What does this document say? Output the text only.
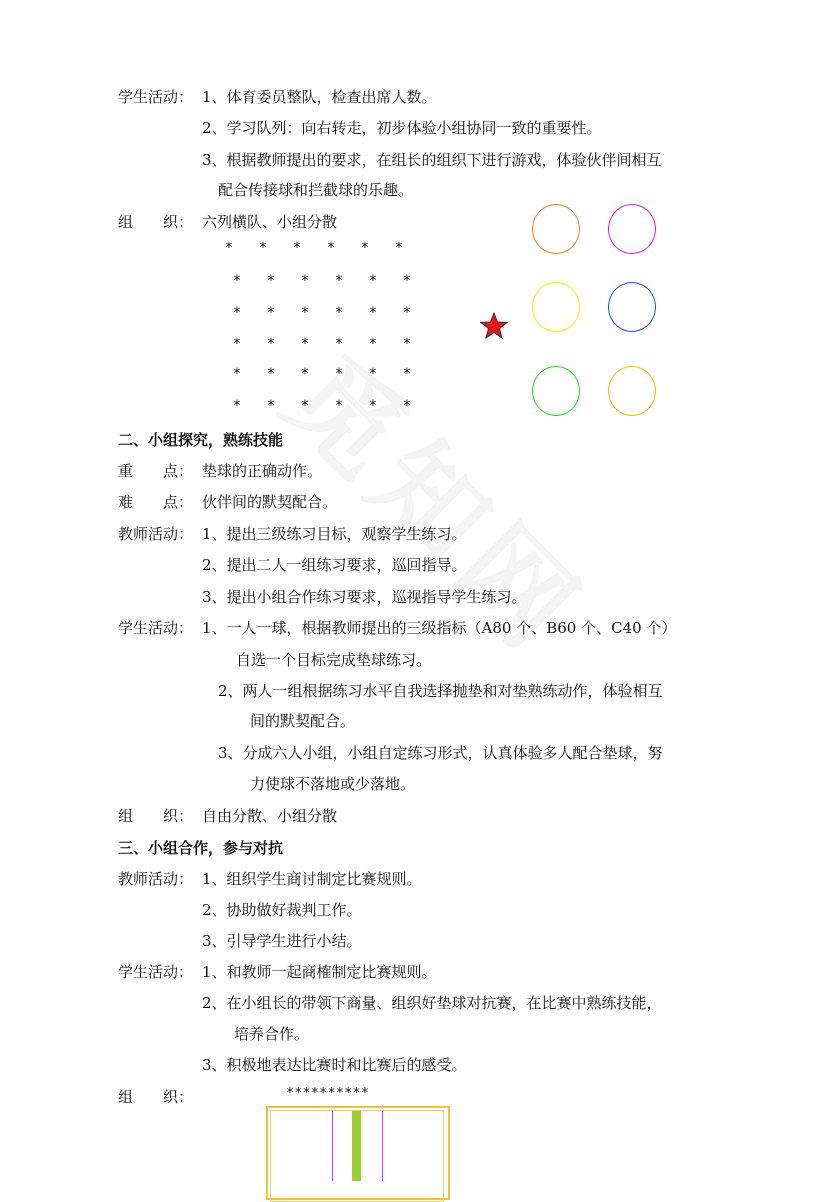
学生活动： 1、体育委员整队，检查出席人数。
2、学习队列：向右转走，初步体验小组协同一致的重要性。
3、根据教师提出的要求，在组长的组织下进行游戏，体验伙伴间相互
配合传接球和拦截球的乐趣。
组　　织： 六列横队、小组分散
* * * * * *
* * * * * *
* * * * * *
* * * * * *
* * * * * *
* * * * * *
二、小组探究，熟练技能
重　　点： 垫球的正确动作。
难　　点： 伙伴间的默契配合。
教师活动： 1、提出三级练习目标，观察学生练习。
2、提出二人一组练习要求，巡回指导。
3、提出小组合作练习要求，巡视指导学生练习。
学生活动： 1、一人一球，根据教师提出的三级指标（A80 个、B60 个、C40 个）
自选一个目标完成垫球练习。
2、两人一组根据练习水平自我选择抛垫和对垫熟练动作，体验相互
间的默契配合。
3、分成六人小组，小组自定练习形式，认真体验多人配合垫球，努
力使球不落地或少落地。
组　　织： 自由分散、小组分散
三、小组合作，参与对抗
教师活动： 1、组织学生商讨制定比赛规则。
2、协助做好裁判工作。
3、引导学生进行小结。
学生活动： 1、和教师一起商榷制定比赛规则。
2、在小组长的带领下商量、组织好垫球对抗赛，在比赛中熟练技能，
培养合作。
3、积极地表达比赛时和比赛后的感受。
组　　织：	**********
